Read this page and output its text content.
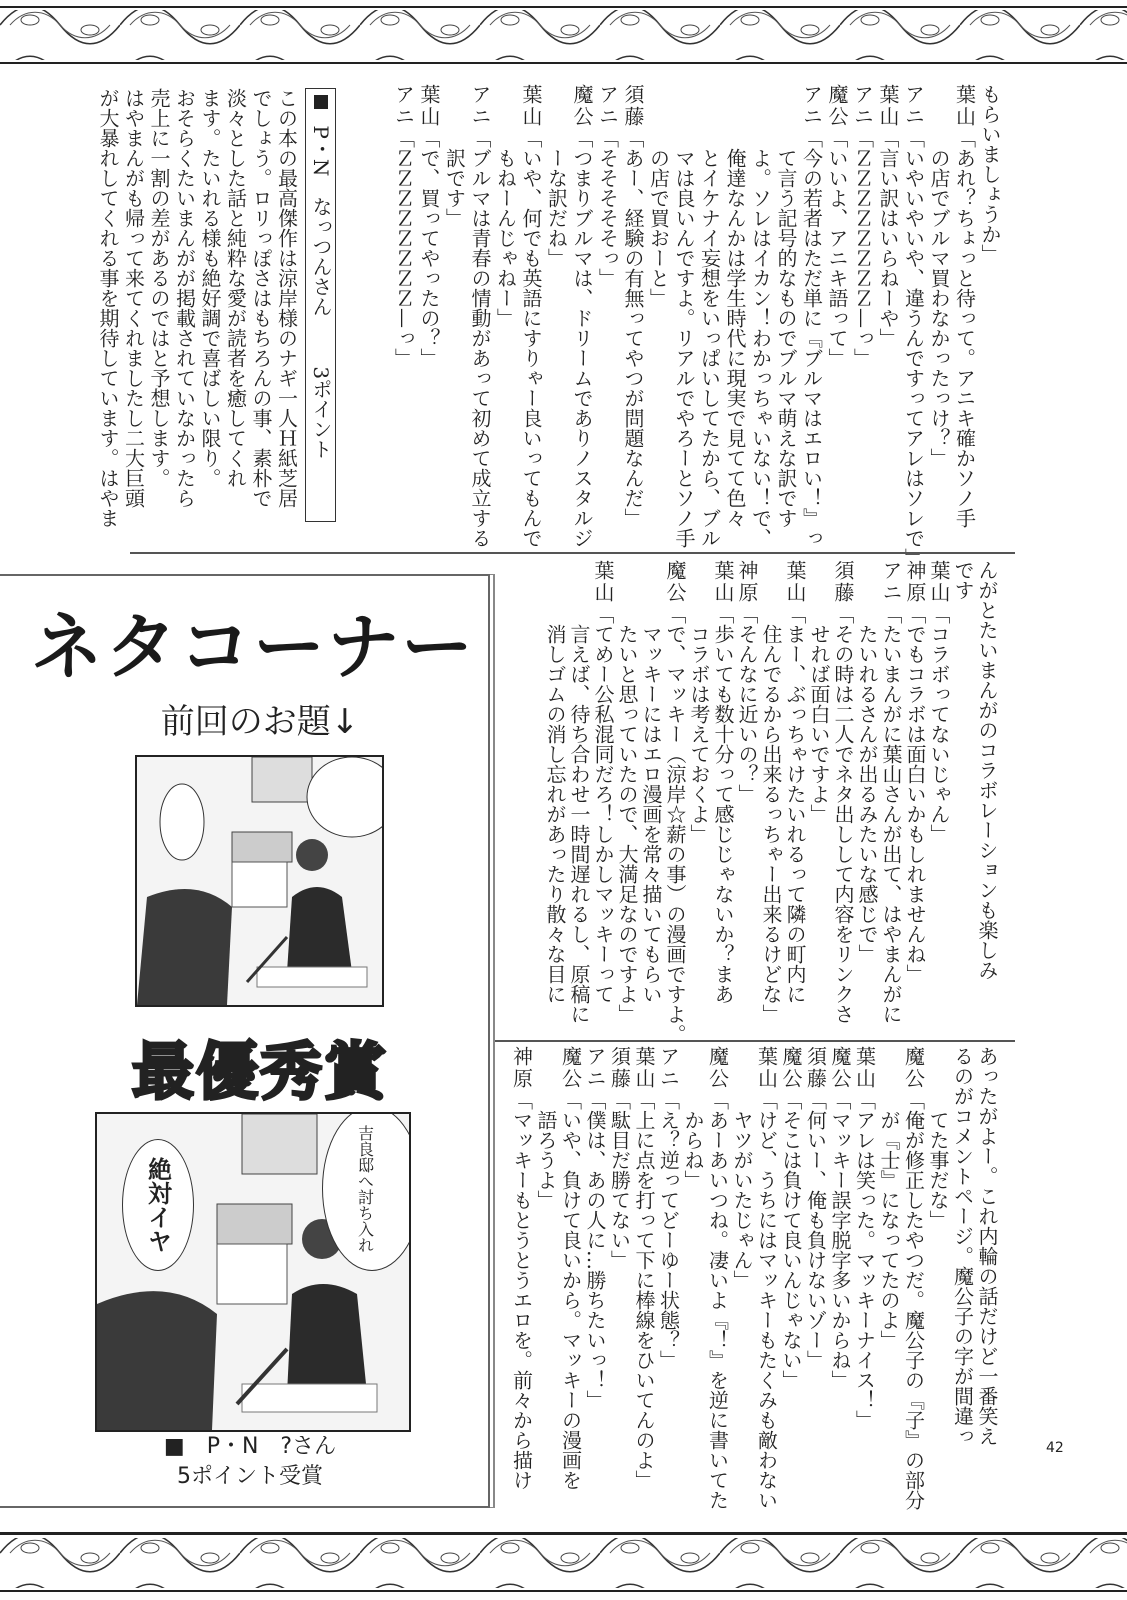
もらいましょうか」
葉山「あれ？ちょっと待って。アニキ確かソノ手
の店でブルマ買わなかったっけ？」
アニ「いやいやいや、違うんですってアレはソレで」
葉山「言い訳はいらねーや」
アニ「ＺＺＺＺＺＺＺＺ—っ」
魔公「いいよ、アニキ語って」
アニ「今の若者はただ単に『ブルマはエロい！』っ
て言う記号的なものでブルマ萌えな訳です
よ。ソレはイカン！わかっちゃいない！で、
俺達なんかは学生時代に現実で見てて色々
とイケナイ妄想をいっぱいしてたから、ブル
マは良いんですよ。リアルでやろーとソノ手
の店で買おーと」
須藤「あー、経験の有無ってやつが問題なんだ」
アニ「そそそそそっ」
魔公「つまりブルマは、ドリームでありノスタルジ
ーな訳だね」
葉山「いや、何でも英語にすりゃー良いってもんで
もねーんじゃねー」
アニ「ブルマは青春の情動があって初めて成立する
訳です」
葉山「で、買ってやったの？」
アニ「ＺＺＺＺＺＺＺＺ—っ」
P・N　なっつんさん3ポイント
この本の最高傑作は涼岸様のナギ一人Ｈ紙芝居
でしょう。ロリっぽさはもちろんの事、素朴で
淡々とした話と純粋な愛が読者を癒してくれ
ます。たいれる様も絶好調で喜ばしい限り。
おそらくたいまんがが掲載されていなかったら
売上に一割の差があるのではと予想します。
はやまんがも帰って来てくれましたし二大巨頭
が大暴れしてくれる事を期待しています。はやま
んがとたいまんがのコラボレーションも楽しみ
です
葉山「コラボってないじゃん」
神原「でもコラボは面白いかもしれませんね」
アニ「たいまんがに葉山さんが出て、はやまんがに
たいれるさんが出るみたいな感じで」
須藤「その時は二人でネタ出しして内容をリンクさ
せれば面白いですよ」
葉山「まー、ぶっちゃけたいれるって隣の町内に
住んでるから出来るっちゃー出来るけどな」
神原「そんなに近いの？」
葉山「歩いても数十分って感じじゃないか？まあ
コラボは考えておくよ」
魔公「で、マッキー（涼岸☆薪の事）の漫画ですよ。
マッキーにはエロ漫画を常々描いてもらい
たいと思っていたので、大満足なのですよ」
葉山「てめー公私混同だろ！しかしマッキーって
言えば、待ち合わせ一時間遅れるし、原稿に
消しゴムの消し忘れがあったり散々な目に
あったがよー。これ内輪の話だけど一番笑え
るのがコメントページ。魔公子の字が間違っ
てた事だな」
魔公「俺が修正したやつだ。魔公子の『子』の部分
が『士』になってたのよ」
葉山「アレは笑った。マッキーナイス！」
魔公「マッキー誤字脱字多いからね」
須藤「何いー、俺も負けないゾー」
魔公「そこは負けて良いんじゃない」
葉山「けど、うちにはマッキーもたくみも敵わない
ヤツがいたじゃん」
魔公「あーあいつね。凄いよ『！』を逆に書いてた
からね」
アニ「え？逆ってどーゆー状態？」
葉山「上に点を打って下に棒線をひいてんのよ」
須藤「駄目だ勝てない」
アニ「僕は、あの人に…勝ちたいっ！」
魔公「いや、負けて良いから。マッキーの漫画を
語ろうよ」
神原「マッキーもとうとうエロを。前々から描け	42
ネタコーナー
前回のお題↓
最優秀賞
吉良邸へ討ち入れ
絶対イヤ
■　P・N　?さん
5ポイント受賞
